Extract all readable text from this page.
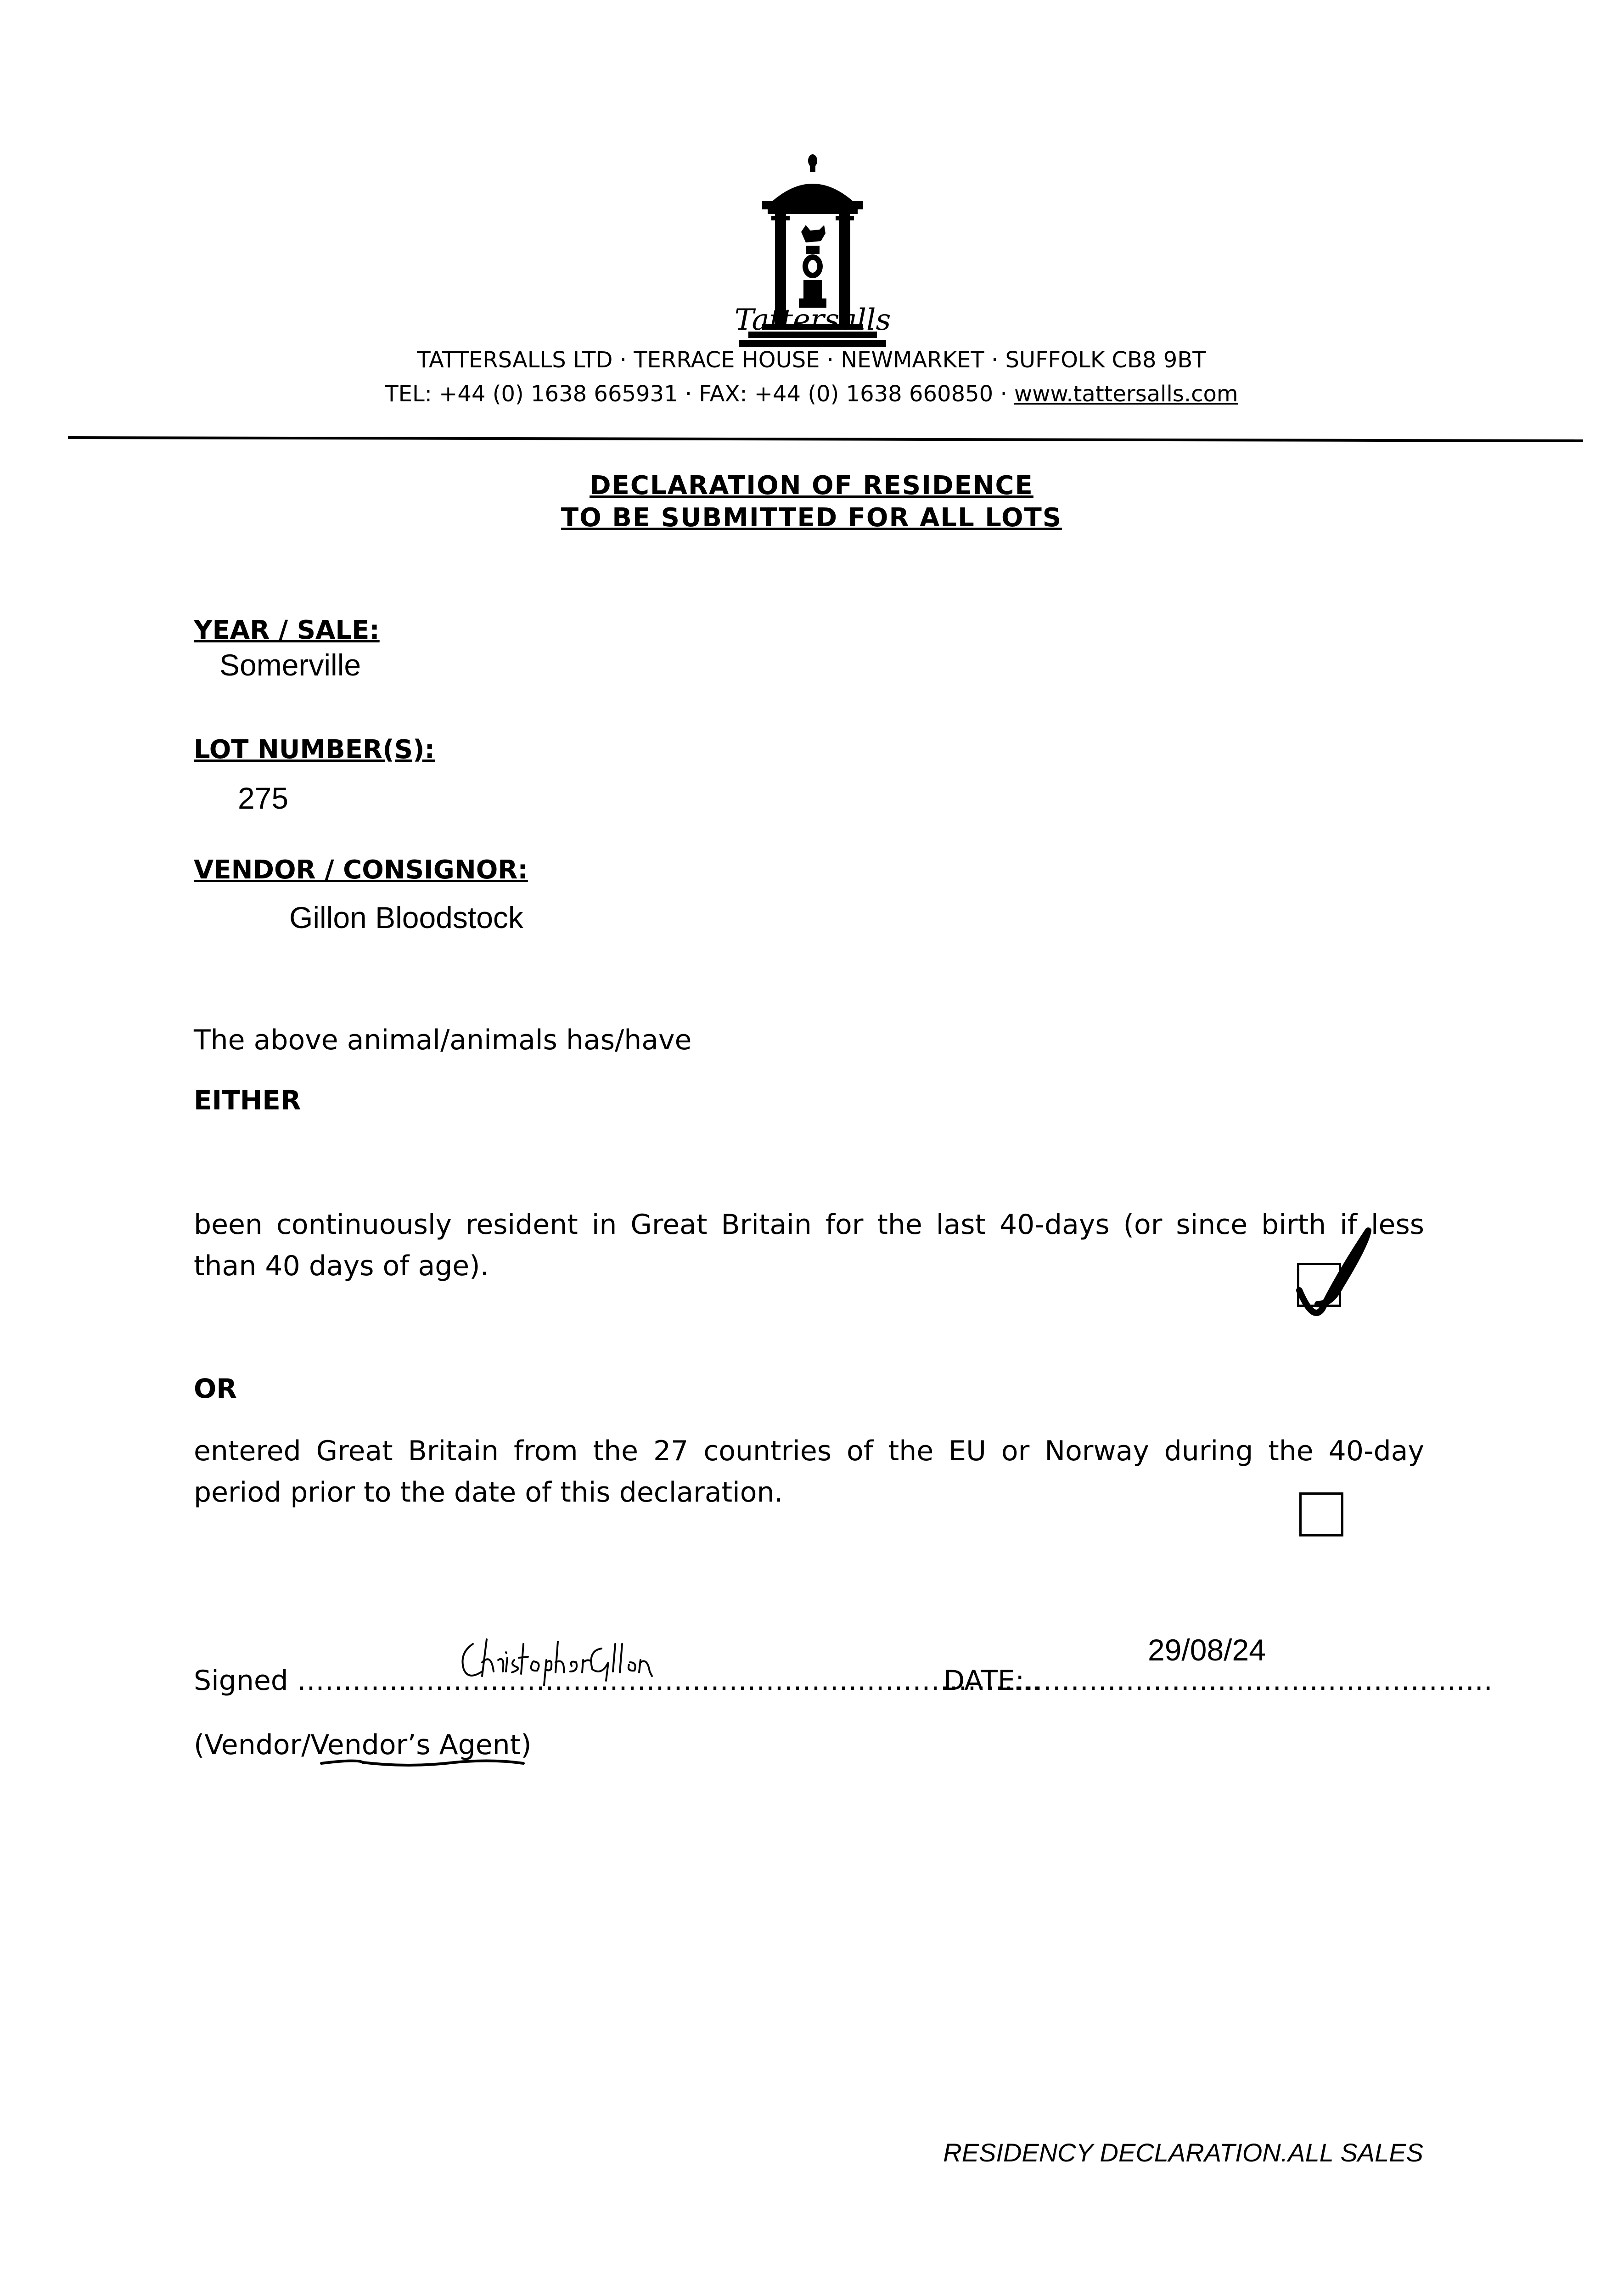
Tattersalls
TATTERSALLS LTD · TERRACE HOUSE · NEWMARKET · SUFFOLK CB8 9BT
TEL: +44 (0) 1638 665931 · FAX: +44 (0) 1638 660850 · www.tattersalls.com
DECLARATION OF RESIDENCE
TO BE SUBMITTED FOR ALL LOTS
YEAR / SALE:
Somerville
LOT NUMBER(S):
275
VENDOR / CONSIGNOR:
Gillon Bloodstock
The above animal/animals has/have
EITHER
been continuously resident in Great Britain for the last 40-days (or since birth if less than 40 days of age).
OR
entered Great Britain from the 27 countries of the EU or Norway during the 40-day period prior to the date of this declaration.
Signed ………………………………………………………………………
29/08/24
DATE:……………………………………………
(Vendor/Vendor’s Agent)
RESIDENCY DECLARATION.ALL SALES
